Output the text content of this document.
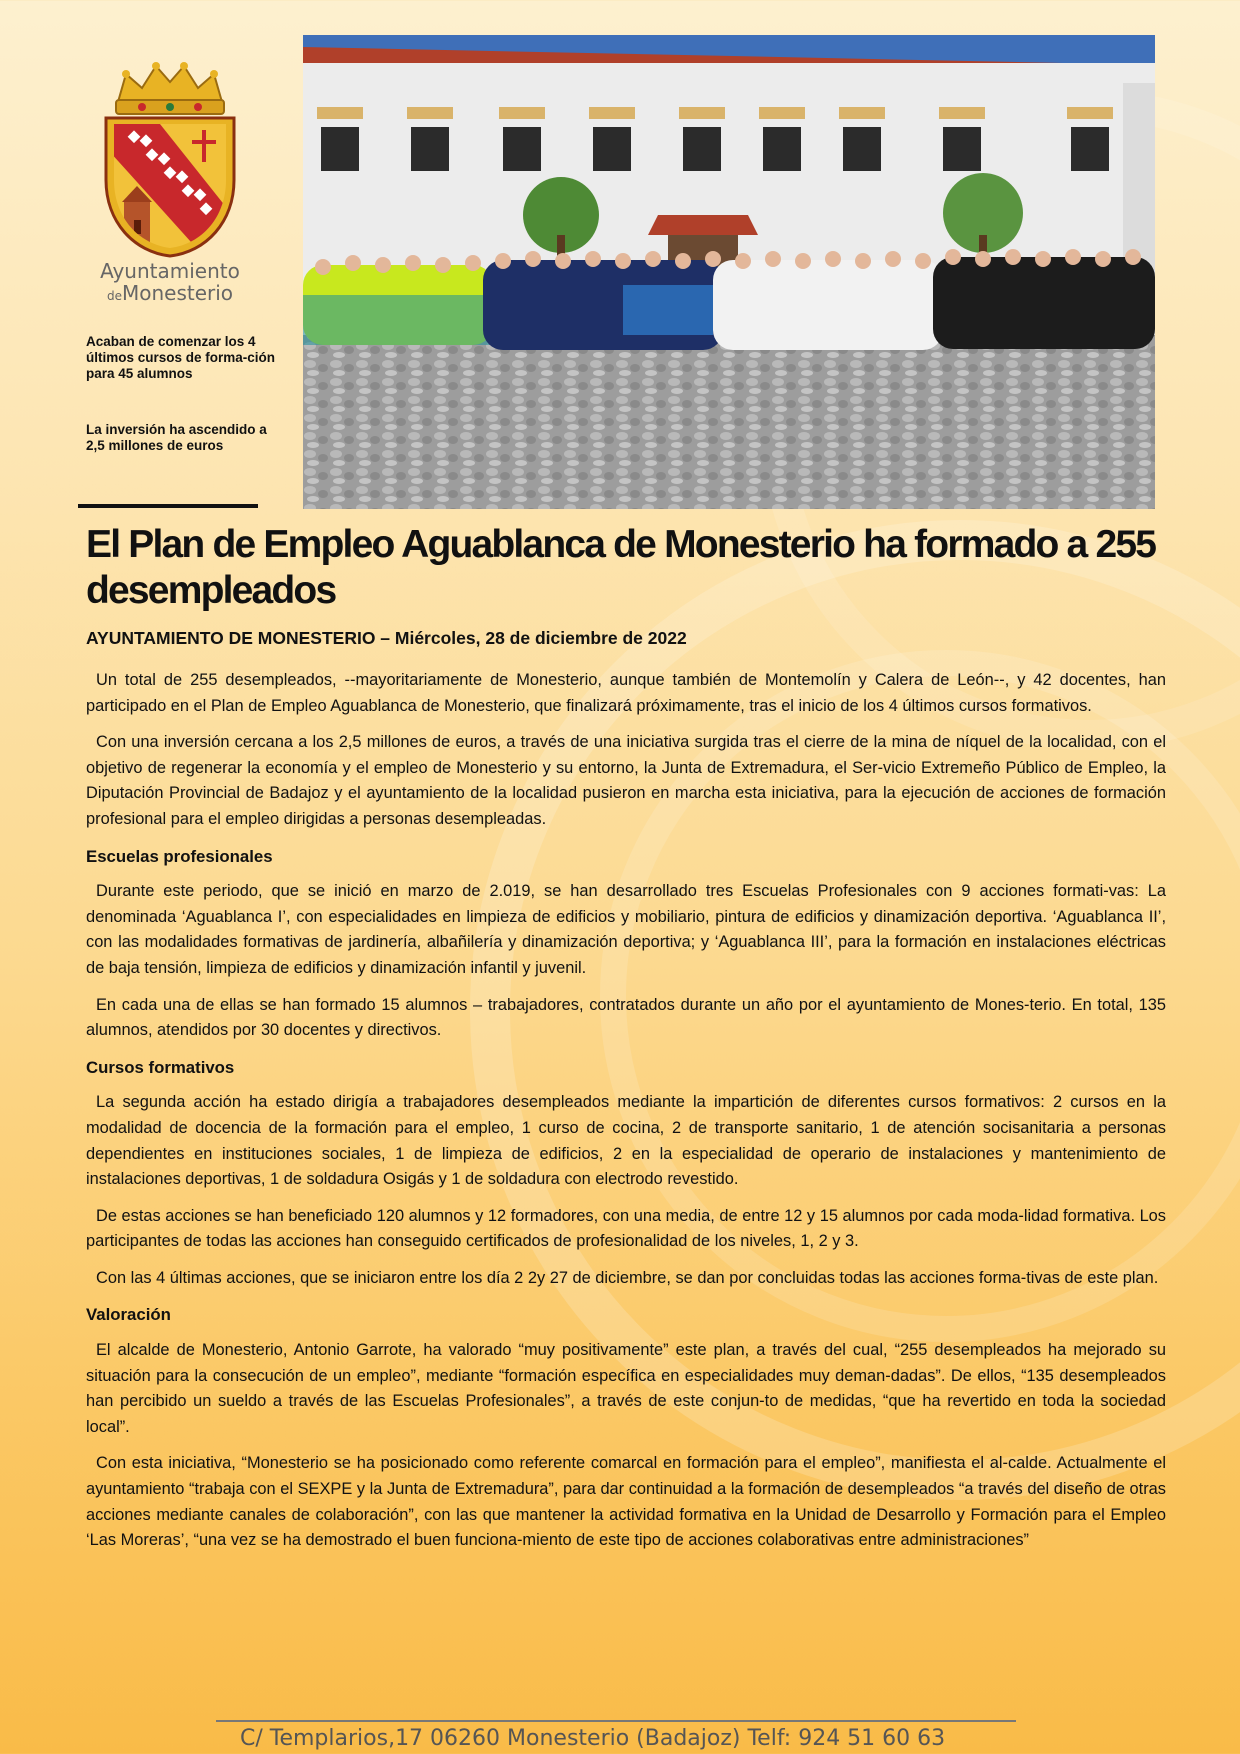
Ayuntamiento
deMonesterio
Acaban de comenzar los 4 últimos cursos de forma-ción para 45 alumnos
La inversión ha ascendido a 2,5 millones de euros
El Plan de Empleo Aguablanca de Monesterio ha formado a 255 desempleados

AYUNTAMIENTO DE MONESTERIO – Miércoles, 28 de diciembre de 2022

Un total de 255 desempleados, --mayoritariamente de Monesterio, aunque también de Montemolín y Calera de León--, y 42 docentes, han participado en el Plan de Empleo Aguablanca de Monesterio, que finalizará próximamente, tras el inicio de los 4 últimos cursos formativos.

Con una inversión cercana a los 2,5 millones de euros, a través de una iniciativa surgida tras el cierre de la mina de níquel de la localidad, con el objetivo de regenerar la economía y el empleo de Monesterio y su entorno, la Junta de Extremadura, el Ser-vicio Extremeño Público de Empleo, la Diputación Provincial de Badajoz y el ayuntamiento de la localidad pusieron en marcha esta iniciativa, para la ejecución de acciones de formación profesional para el empleo dirigidas a personas desempleadas.

Escuelas profesionales

Durante este periodo, que se inició en marzo de 2.019, se han desarrollado tres Escuelas Profesionales con 9 acciones formati-vas: La denominada ‘Aguablanca I’, con especialidades en limpieza de edificios y mobiliario, pintura de edificios y dinamización deportiva. ‘Aguablanca II’, con las modalidades formativas de jardinería, albañilería y dinamización deportiva; y ‘Aguablanca III’, para la formación en instalaciones eléctricas de baja tensión, limpieza de edificios y dinamización infantil y juvenil.

En cada una de ellas se han formado 15 alumnos – trabajadores, contratados durante un año por el ayuntamiento de Mones-terio. En total, 135 alumnos, atendidos por 30 docentes y directivos.

Cursos formativos

La segunda acción ha estado dirigía a trabajadores desempleados mediante la impartición de diferentes cursos formativos: 2 cursos en la modalidad de docencia de la formación para el empleo, 1 curso de cocina, 2 de transporte sanitario, 1 de atención socisanitaria a personas dependientes en instituciones sociales, 1 de limpieza de edificios, 2 en la especialidad de operario de instalaciones y mantenimiento de instalaciones deportivas, 1 de soldadura Osigás y 1 de soldadura con electrodo revestido.

De estas acciones se han beneficiado 120 alumnos y 12 formadores, con una media, de entre 12 y 15 alumnos por cada moda-lidad formativa. Los participantes de todas las acciones han conseguido certificados de profesionalidad de los niveles, 1, 2 y 3.

Con las 4 últimas acciones, que se iniciaron entre los día 2 2y 27 de diciembre, se dan por concluidas todas las acciones forma-tivas de este plan.

Valoración

El alcalde de Monesterio, Antonio Garrote, ha valorado “muy positivamente” este plan, a través del cual, “255 desempleados ha mejorado su situación para la consecución de un empleo”, mediante “formación específica en especialidades muy deman-dadas”. De ellos, “135 desempleados han percibido un sueldo a través de las Escuelas Profesionales”, a través de este conjun-to de medidas, “que ha revertido en toda la sociedad local”.

Con esta iniciativa, “Monesterio se ha posicionado como referente comarcal en formación para el empleo”, manifiesta el al-calde. Actualmente el ayuntamiento “trabaja con el SEXPE y la Junta de Extremadura”, para dar continuidad a la formación de desempleados “a través del diseño de otras acciones mediante canales de colaboración”, con las que mantener la actividad formativa en la Unidad de Desarrollo y Formación para el Empleo ‘Las Moreras’, “una vez se ha demostrado el buen funciona-miento de este tipo de acciones colaborativas entre administraciones”

C/ Templarios,17 06260 Monesterio (Badajoz) Telf: 924 51 60 63
